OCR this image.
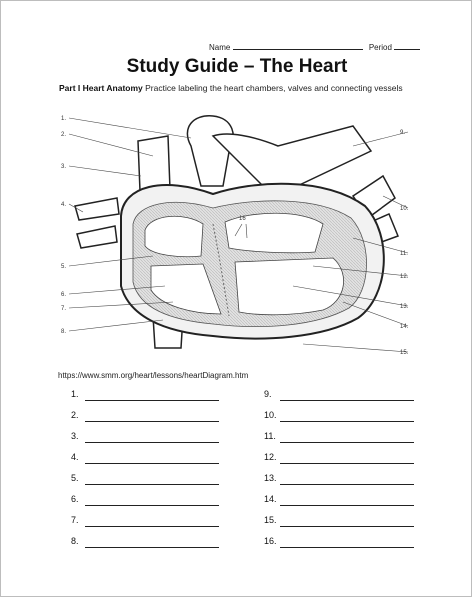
Name	Period
Study Guide – The Heart
Part I Heart Anatomy Practice labeling the heart chambers, valves and connecting vessels
1.
2.
3.
4.
5.
6.
7.
8.
9.
10.
11.
12.
13.
14.
15.
16
https://www.smm.org/heart/lessons/heartDiagram.htm
1.
2.
3.
4.
5.
6.
7.
8.
9.
10.
11.
12.
13.
14.
15.
16.
